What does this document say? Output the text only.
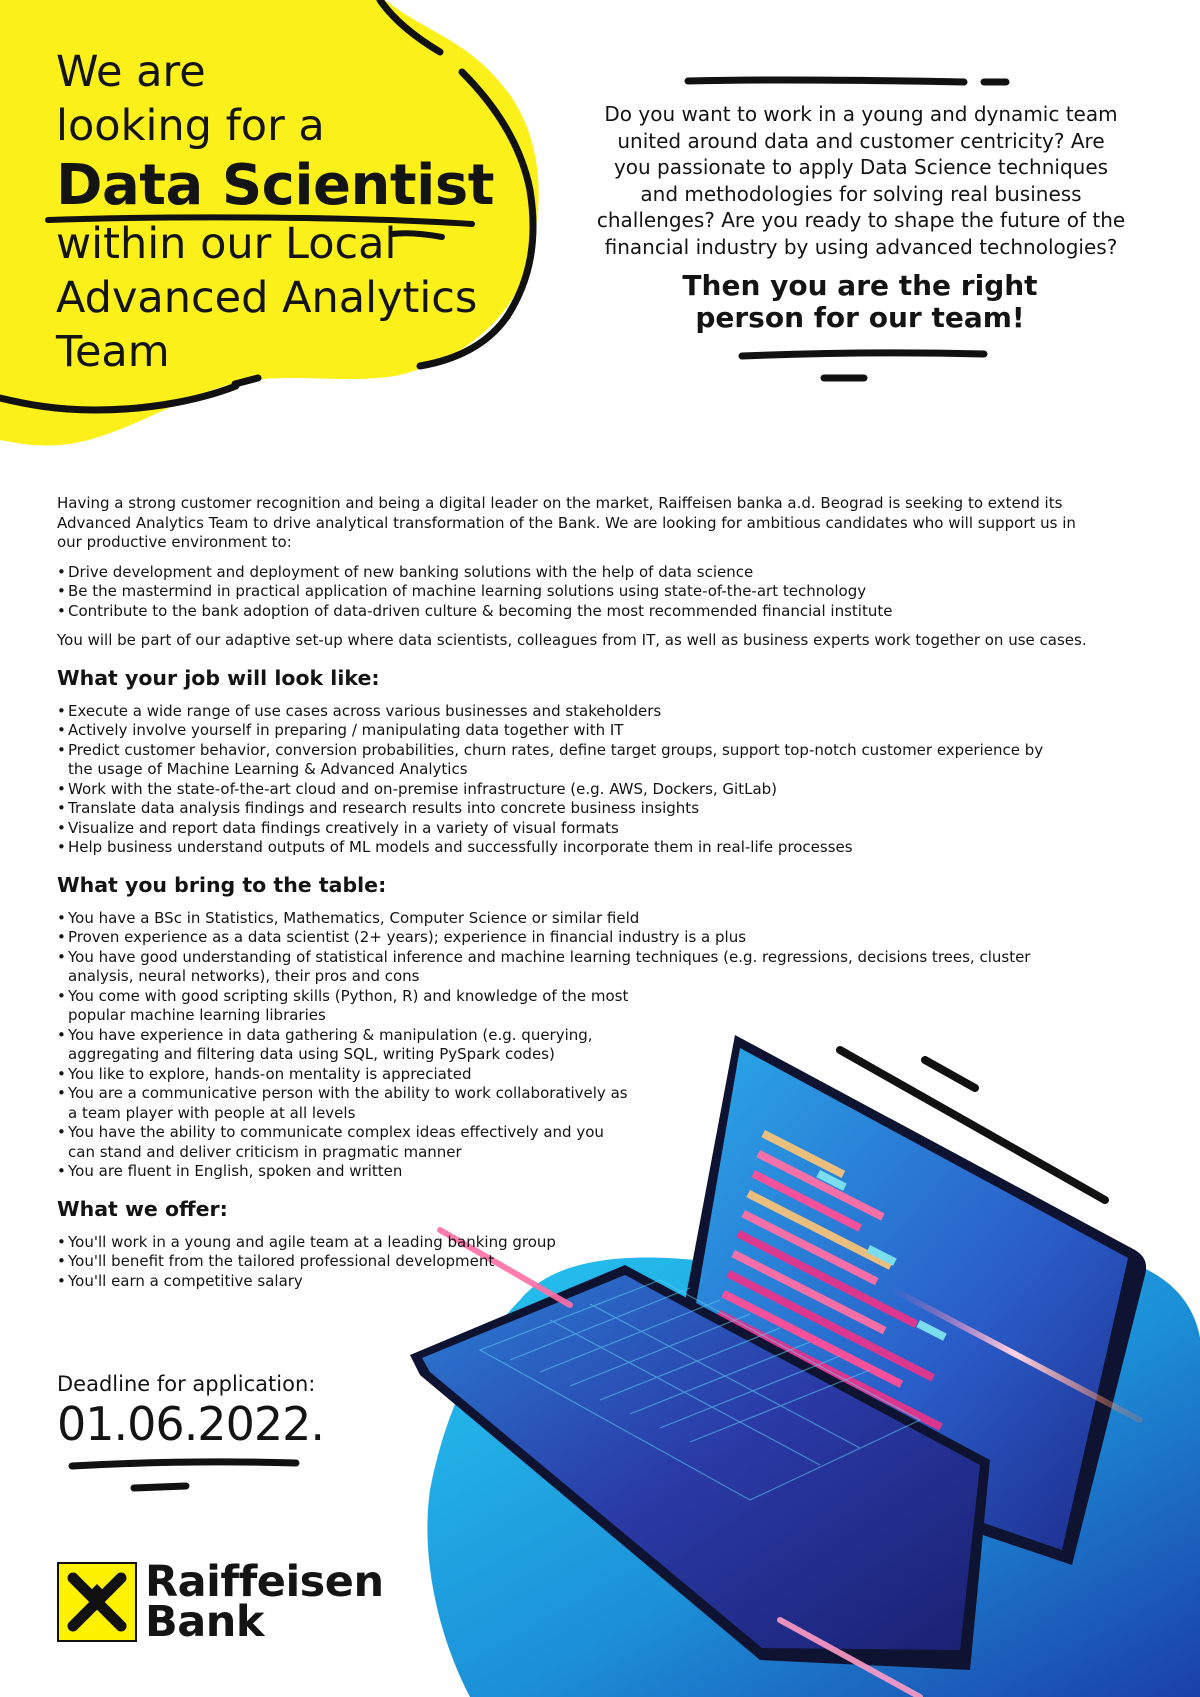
We are
looking for a
Data Scientist
within our Local
Advanced Analytics
Team
Do you want to work in a young and dynamic team united around data and customer centricity? Are you passionate to apply Data Science techniques and methodologies for solving real business challenges? Are you ready to shape the future of the financial industry by using advanced technologies?
Then you are the right
person for our team!

Having a strong customer recognition and being a digital leader on the market, Raiffeisen banka a.d. Beograd is seeking to extend its Advanced Analytics Team to drive analytical transformation of the Bank. We are looking for ambitious candidates who will support us in our productive environment to:

• Drive development and deployment of new banking solutions with the help of data science
• Be the mastermind in practical application of machine learning solutions using state-of-the-art technology
• Contribute to the bank adoption of data-driven culture & becoming the most recommended financial institute

You will be part of our adaptive set-up where data scientists, colleagues from IT, as well as business experts work together on use cases.

What your job will look like:
• Execute a wide range of use cases across various businesses and stakeholders
• Actively involve yourself in preparing / manipulating data together with IT
• Predict customer behavior, conversion probabilities, churn rates, define target groups, support top-notch customer experience by the usage of Machine Learning & Advanced Analytics
• Work with the state-of-the-art cloud and on-premise infrastructure (e.g. AWS, Dockers, GitLab)
• Translate data analysis findings and research results into concrete business insights
• Visualize and report data findings creatively in a variety of visual formats
• Help business understand outputs of ML models and successfully incorporate them in real-life processes
What you bring to the table:
• You have a BSc in Statistics, Mathematics, Computer Science or similar field
• Proven experience as a data scientist (2+ years); experience in financial industry is a plus
• You have good understanding of statistical inference and machine learning techniques (e.g. regressions, decisions trees, cluster analysis, neural networks), their pros and cons
• You come with good scripting skills (Python, R) and knowledge of the most popular machine learning libraries
• You have experience in data gathering & manipulation (e.g. querying, aggregating and filtering data using SQL, writing PySpark codes)
• You like to explore, hands-on mentality is appreciated
• You are a communicative person with the ability to work collaboratively as a team player with people at all levels
• You have the ability to communicate complex ideas effectively and you can stand and deliver criticism in pragmatic manner
• You are fluent in English, spoken and written
What we offer:
• You'll work in a young and agile team at a leading banking group
• You'll benefit from the tailored professional development
• You'll earn a competitive salary
Deadline for application:
01.06.2022.
Raiffeisen
Bank
